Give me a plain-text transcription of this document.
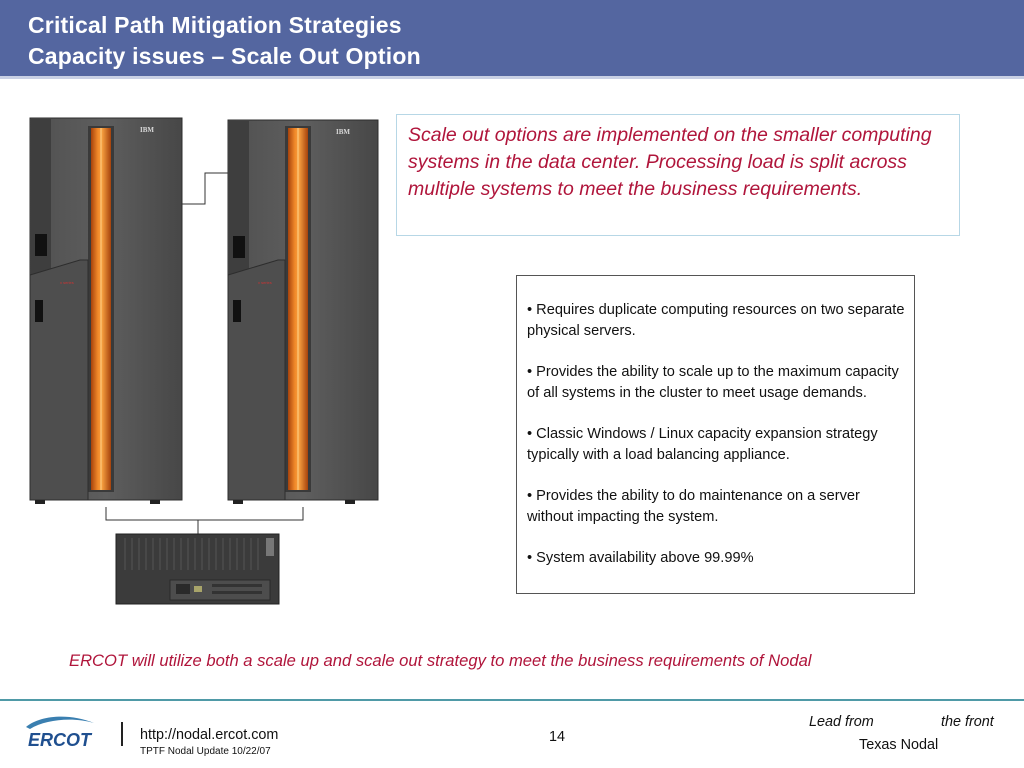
Critical Path Mitigation Strategies
Capacity issues – Scale Out Option
x series
IBM
x series
IBM	Scale out options are implemented on the smaller computing systems in the data center. Processing load is split across multiple systems to meet the business requirements.

• Requires duplicate computing resources on two separate physical servers.
• Provides the ability to scale up to the maximum capacity of all systems in the cluster to meet usage demands.
• Classic Windows / Linux capacity expansion strategy typically with a load balancing appliance.
• Provides the ability to do maintenance on a server without impacting the system.
• System availability above 99.99%
ERCOT will utilize both a scale up and scale out strategy to meet the business requirements of Nodal
ERCOT	http://nodal.ercot.com
TPTF Nodal Update 10/22/07
14
Lead from	the front
Texas Nodal
